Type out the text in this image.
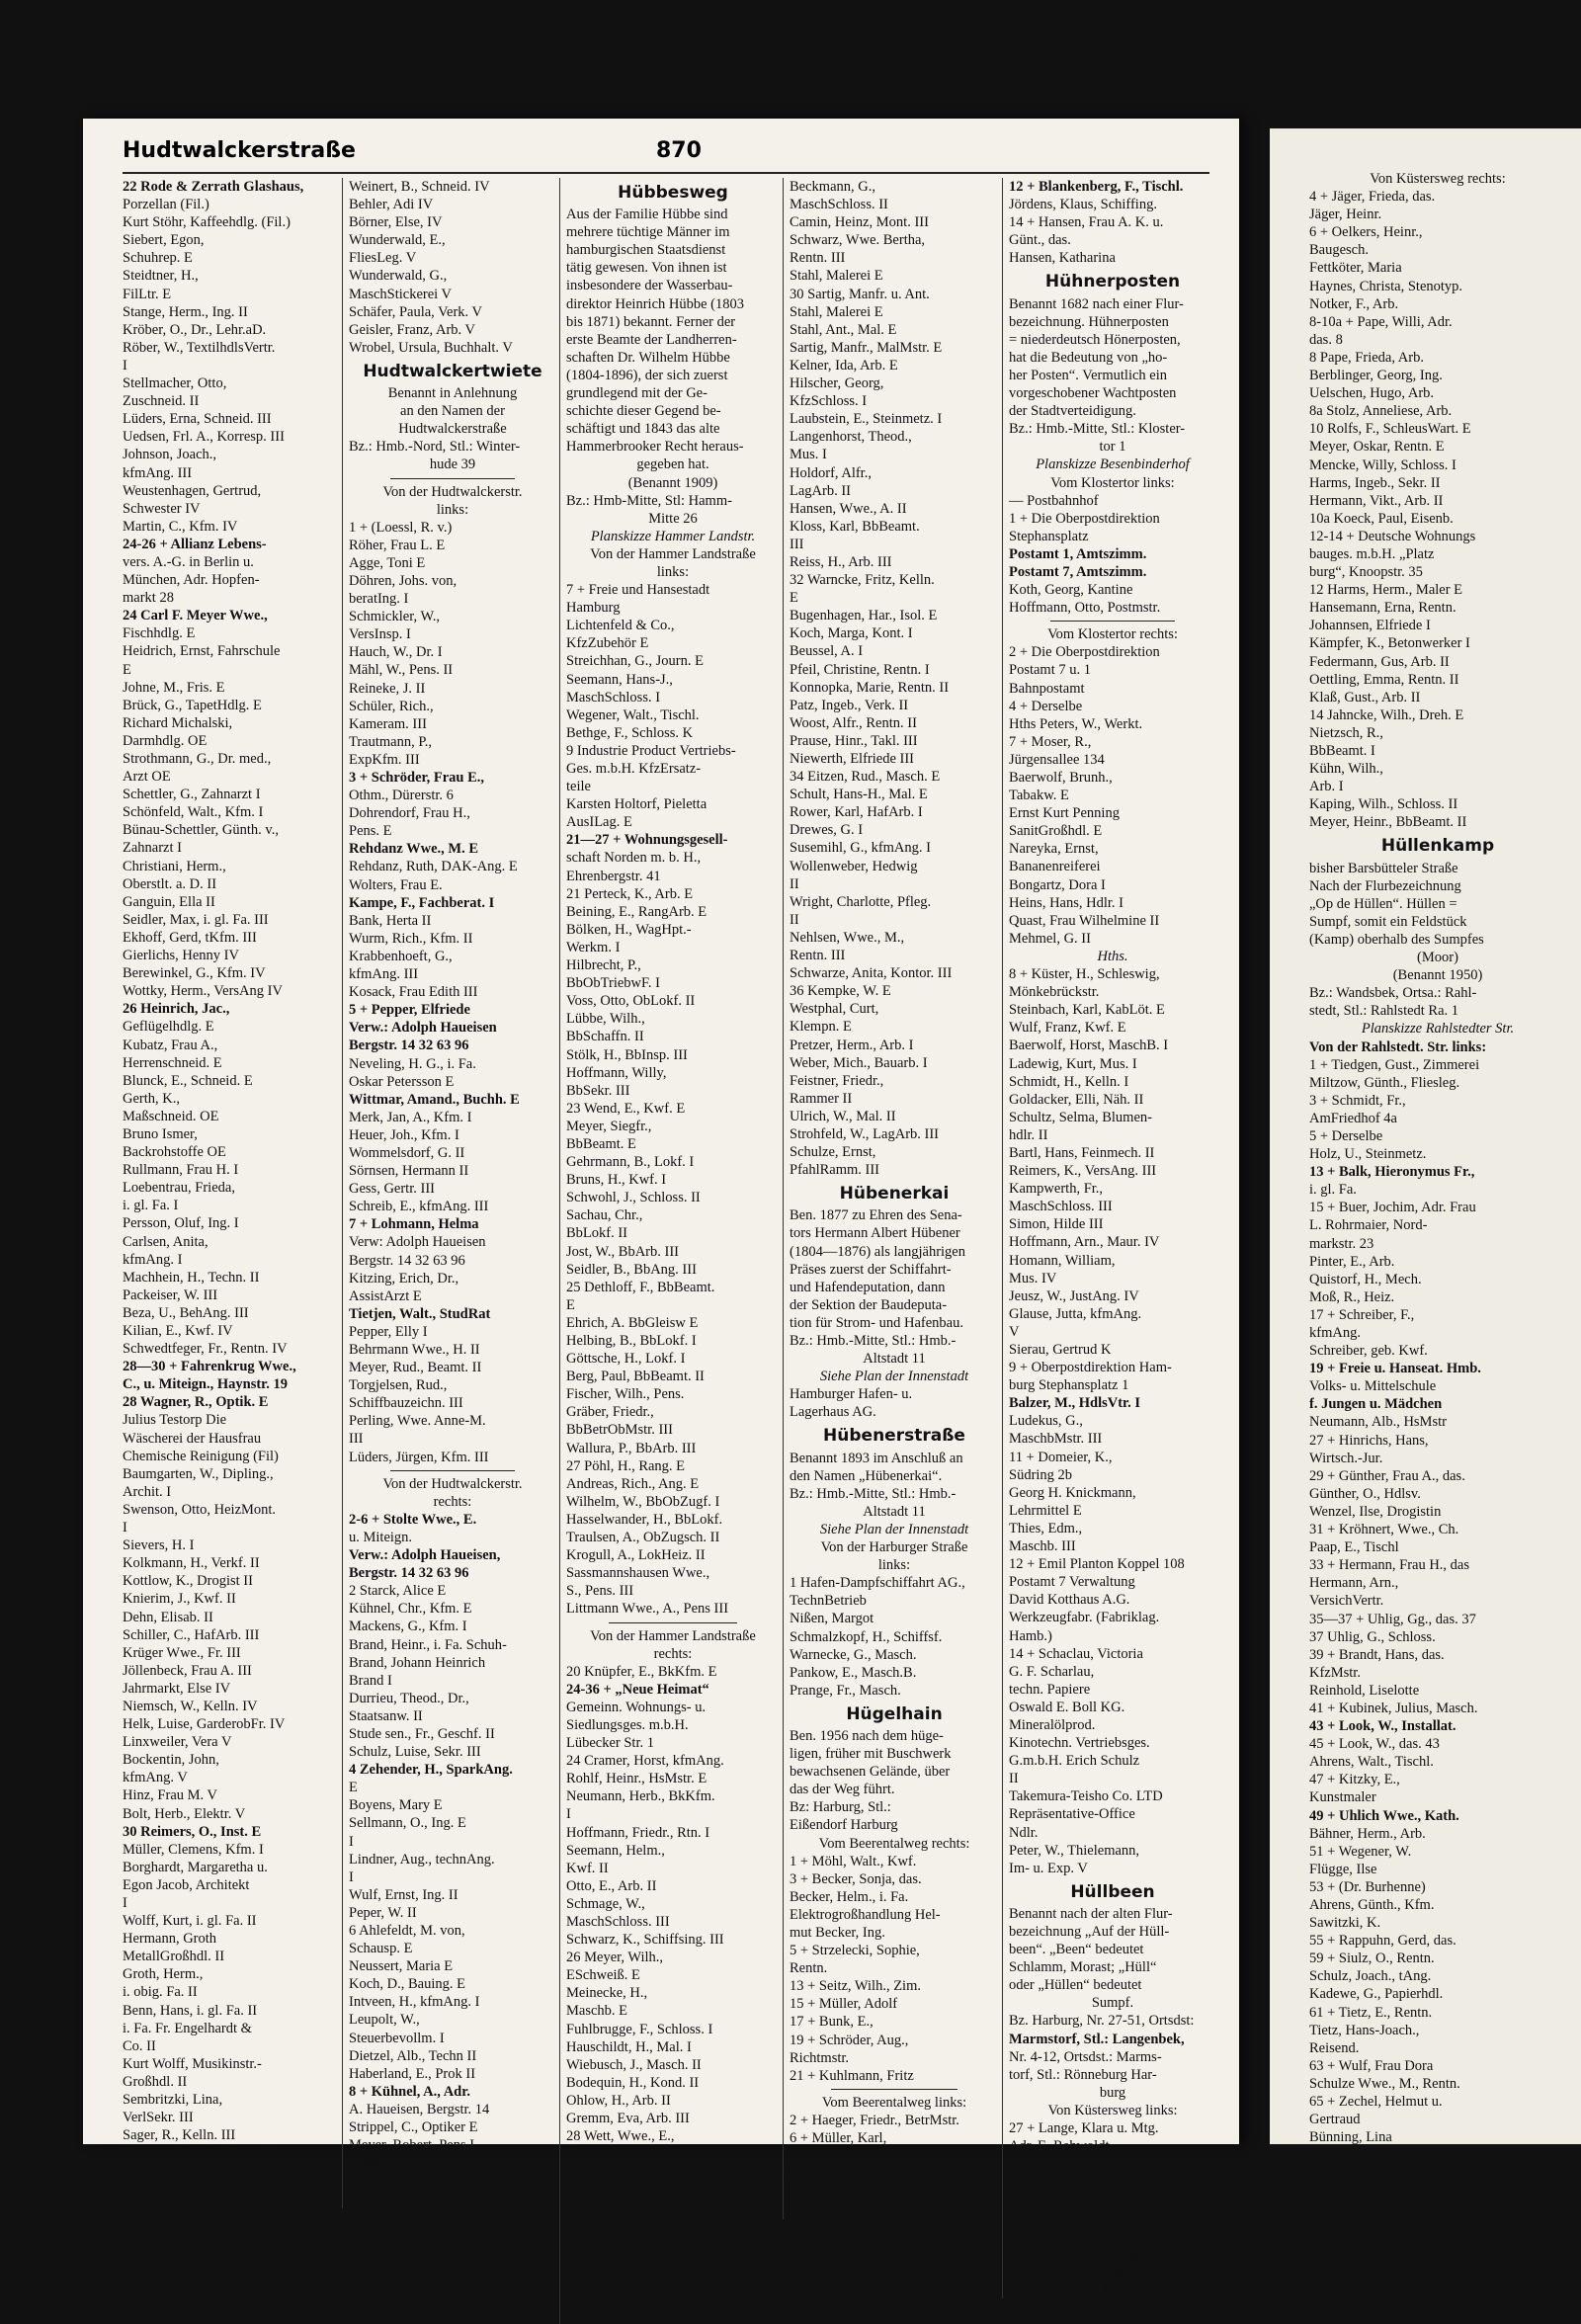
Hudtwalckerstraße	870
22 Rode & Zerrath Glashaus,
Porzellan (Fil.)
Kurt Stöhr, Kaffeehdlg. (Fil.)
Siebert, Egon,
Schuhrep. E
Steidtner, H.,
FilLtr. E
Stange, Herm., Ing. II
Kröber, O., Dr., Lehr.aD.
Röber, W., TextilhdlsVertr.
I
Stellmacher, Otto,
Zuschneid. II
Lüders, Erna, Schneid. III
Uedsen, Frl. A., Korresp. III
Johnson, Joach.,
kfmAng. III
Weustenhagen, Gertrud,
Schwester IV
Martin, C., Kfm. IV
24-26 + Allianz Lebens-
vers. A.-G. in Berlin u.
München, Adr. Hopfen-
markt 28
24 Carl F. Meyer Wwe.,
Fischhdlg. E
Heidrich, Ernst, Fahrschule
E
Johne, M., Fris. E
Brück, G., TapetHdlg. E
Richard Michalski,
Darmhdlg. OE
Strothmann, G., Dr. med.,
Arzt OE
Schettler, G., Zahnarzt I
Schönfeld, Walt., Kfm. I
Bünau-Schettler, Günth. v.,
Zahnarzt I
Christiani, Herm.,
Oberstlt. a. D. II
Ganguin, Ella II
Seidler, Max, i. gl. Fa. III
Ekhoff, Gerd, tKfm. III
Gierlichs, Henny IV
Berewinkel, G., Kfm. IV
Wottky, Herm., VersAng IV
26 Heinrich, Jac.,
Geflügelhdlg. E
Kubatz, Frau A.,
Herrenschneid. E
Blunck, E., Schneid. E
Gerth, K.,
Maßschneid. OE
Bruno Ismer,
Backrohstoffe OE
Rullmann, Frau H. I
Loebentrau, Frieda,
i. gl. Fa. I
Persson, Oluf, Ing. I
Carlsen, Anita,
kfmAng. I
Machhein, H., Techn. II
Packeiser, W. III
Beza, U., BehAng. III
Kilian, E., Kwf. IV
Schwedtfeger, Fr., Rentn. IV
28—30 + Fahrenkrug Wwe.,
C., u. Miteign., Haynstr. 19
28 Wagner, R., Optik. E
Julius Testorp Die
Wäscherei der Hausfrau
Chemische Reinigung (Fil)
Baumgarten, W., Dipling.,
Archit. I
Swenson, Otto, HeizMont.
I
Sievers, H. I
Kolkmann, H., Verkf. II
Kottlow, K., Drogist II
Knierim, J., Kwf. II
Dehn, Elisab. II
Schiller, C., HafArb. III
Krüger Wwe., Fr. III
Jöllenbeck, Frau A. III
Jahrmarkt, Else IV
Niemsch, W., Kelln. IV
Helk, Luise, GarderobFr. IV
Linxweiler, Vera V
Bockentin, John,
kfmAng. V
Hinz, Frau M. V
Bolt, Herb., Elektr. V
30 Reimers, O., Inst. E
Müller, Clemens, Kfm. I
Borghardt, Margaretha u.
Egon Jacob, Architekt
I
Wolff, Kurt, i. gl. Fa. II
Hermann, Groth
MetallGroßhdl. II
Groth, Herm.,
i. obig. Fa. II
Benn, Hans, i. gl. Fa. II
i. Fa. Fr. Engelhardt &
Co. II
Kurt Wolff, Musikinstr.-
Großhdl. II
Sembritzki, Lina,
VerlSekr. III
Sager, R., Kelln. III
Massow, Dorette, Pens. III
Stapelfeldt, Kwf. III
Prawitt, Otto, Kfm. IV
Seewald, Wilh., Ang.
IV
Weinert, B., Schneid. IV
Behler, Adi IV
Börner, Else, IV
Wunderwald, E.,
FliesLeg. V
Wunderwald, G.,
MaschStickerei V
Schäfer, Paula, Verk. V
Geisler, Franz, Arb. V
Wrobel, Ursula, Buchhalt. V
Hudtwalckertwiete
Benannt in Anlehnung
an den Namen der
Hudtwalckerstraße
Bz.: Hmb.-Nord, Stl.: Winter-
hude 39
Von der Hudtwalckerstr.
links:
1 + (Loessl, R. v.)
Röher, Frau L. E
Agge, Toni E
Döhren, Johs. von,
beratIng. I
Schmickler, W.,
VersInsp. I
Hauch, W., Dr. I
Mähl, W., Pens. II
Reineke, J. II
Schüler, Rich.,
Kameram. III
Trautmann, P.,
ExpKfm. III
3 + Schröder, Frau E.,
Othm., Dürerstr. 6
Dohrendorf, Frau H.,
Pens. E
Rehdanz Wwe., M. E
Rehdanz, Ruth, DAK-Ang. E
Wolters, Frau E.
Kampe, F., Fachberat. I
Bank, Herta II
Wurm, Rich., Kfm. II
Krabbenhoeft, G.,
kfmAng. III
Kosack, Frau Edith III
5 + Pepper, Elfriede
Verw.: Adolph Haueisen
Bergstr. 14 32 63 96
Neveling, H. G., i. Fa.
Oskar Petersson E
Wittmar, Amand., Buchh. E
Merk, Jan, A., Kfm. I
Heuer, Joh., Kfm. I
Wommelsdorf, G. II
Sörnsen, Hermann II
Gess, Gertr. III
Schreib, E., kfmAng. III
7 + Lohmann, Helma
Verw: Adolph Haueisen
Bergstr. 14 32 63 96
Kitzing, Erich, Dr.,
AssistArzt E
Tietjen, Walt., StudRat
Pepper, Elly I
Behrmann Wwe., H. II
Meyer, Rud., Beamt. II
Torgjelsen, Rud.,
Schiffbauzeichn. III
Perling, Wwe. Anne-M.
III
Lüders, Jürgen, Kfm. III
Von der Hudtwalckerstr.
rechts:
2-6 + Stolte Wwe., E.
u. Miteign.
Verw.: Adolph Haueisen,
Bergstr. 14 32 63 96
2 Starck, Alice E
Kühnel, Chr., Kfm. E
Mackens, G., Kfm. I
Brand, Heinr., i. Fa. Schuh-
Brand, Johann Heinrich
Brand I
Durrieu, Theod., Dr.,
Staatsanw. II
Stude sen., Fr., Geschf. II
Schulz, Luise, Sekr. III
4 Zehender, H., SparkAng.
E
Boyens, Mary E
Sellmann, O., Ing. E
I
Lindner, Aug., technAng.
I
Wulf, Ernst, Ing. II
Peper, W. II
6 Ahlefeldt, M. von,
Schausp. E
Neussert, Maria E
Koch, D., Bauing. E
Intveen, H., kfmAng. I
Leupolt, W.,
Steuerbevollm. I
Dietzel, Alb., Techn II
Haberland, E., Prok II
8 + Kühnel, A., Adr.
A. Haueisen, Bergstr. 14
Strippel, C., Optiker E
Meyer, Robert, Pens I
Junghänel, Anni I
Buchholz, Klaus,
Schiffsoffz. II
Hübbesweg
Aus der Familie Hübbe sind
mehrere tüchtige Männer im
hamburgischen Staatsdienst
tätig gewesen. Von ihnen ist
insbesondere der Wasserbau-
direktor Heinrich Hübbe (1803
bis 1871) bekannt. Ferner der
erste Beamte der Landherren-
schaften Dr. Wilhelm Hübbe
(1804-1896), der sich zuerst
grundlegend mit der Ge-
schichte dieser Gegend be-
schäftigt und 1843 das alte
Hammerbrooker Recht heraus-
gegeben hat.
(Benannt 1909)
Bz.: Hmb-Mitte, Stl: Hamm-
Mitte 26
Planskizze Hammer Landstr.
Von der Hammer Landstraße
links:
7 + Freie und Hansestadt
Hamburg
Lichtenfeld & Co.,
KfzZubehör E
Streichhan, G., Journ. E
Seemann, Hans-J.,
MaschSchloss. I
Wegener, Walt., Tischl.
Bethge, F., Schloss. K
9 Industrie Product Vertriebs-
Ges. m.b.H. KfzErsatz-
teile
Karsten Holtorf, Pieletta
AusILag. E
21—27 + Wohnungsgesell-
schaft Norden m. b. H.,
Ehrenbergstr. 41
21 Perteck, K., Arb. E
Beining, E., RangArb. E
Bölken, H., WagHpt.-
Werkm. I
Hilbrecht, P.,
BbObTriebwF. I
Voss, Otto, ObLokf. II
Lübbe, Wilh.,
BbSchaffn. II
Stölk, H., BbInsp. III
Hoffmann, Willy,
BbSekr. III
23 Wend, E., Kwf. E
Meyer, Siegfr.,
BbBeamt. E
Gehrmann, B., Lokf. I
Bruns, H., Kwf. I
Schwohl, J., Schloss. II
Sachau, Chr.,
BbLokf. II
Jost, W., BbArb. III
Seidler, B., BbAng. III
25 Dethloff, F., BbBeamt.
E
Ehrich, A. BbGleisw E
Helbing, B., BbLokf. I
Göttsche, H., Lokf. I
Berg, Paul, BbBeamt. II
Fischer, Wilh., Pens.
Gräber, Friedr.,
BbBetrObMstr. III
Wallura, P., BbArb. III
27 Pöhl, H., Rang. E
Andreas, Rich., Ang. E
Wilhelm, W., BbObZugf. I
Hasselwander, H., BbLokf.
Traulsen, A., ObZugsch. II
Krogull, A., LokHeiz. II
Sassmannshausen Wwe.,
S., Pens. III
Littmann Wwe., A., Pens III
Von der Hammer Landstraße
rechts:
20 Knüpfer, E., BkKfm. E
24-36 + „Neue Heimat“
Gemeinn. Wohnungs- u.
Siedlungsges. m.b.H.
Lübecker Str. 1
24 Cramer, Horst, kfmAng.
Rohlf, Heinr., HsMstr. E
Neumann, Herb., BkKfm.
I
Hoffmann, Friedr., Rtn. I
Seemann, Helm.,
Kwf. II
Otto, E., Arb. II
Schmage, W.,
MaschSchloss. III
Schwarz, K., Schiffsing. III
26 Meyer, Wilh.,
ESchweiß. E
Meinecke, H.,
Maschb. E
Fuhlbrugge, F., Schloss. I
Hauschildt, H., Mal. I
Wiebusch, J., Masch. II
Bodequin, H., Kond. II
Ohlow, H., Arb. II
Gremm, Eva, Arb. III
28 Wett, Wwe., E.,
Rentn. E
Fleischer, Carl,
Buchhalt. E
Beth, Paul, Kwf. I
Gerdes, Wilh., Tischl. I
Konopka, Therese,
BüroAng. I
Adrian, Ad., Rentn. II
Hoschützky, Joh.,
Werkzgm. II
Beckmann, G.,
MaschSchloss. II
Camin, Heinz, Mont. III
Schwarz, Wwe. Bertha,
Rentn. III
Stahl, Malerei E
30 Sartig, Manfr. u. Ant.
Stahl, Malerei E
Stahl, Ant., Mal. E
Sartig, Manfr., MalMstr. E
Kelner, Ida, Arb. E
Hilscher, Georg,
KfzSchloss. I
Laubstein, E., Steinmetz. I
Langenhorst, Theod.,
Mus. I
Holdorf, Alfr.,
LagArb. II
Hansen, Wwe., A. II
Kloss, Karl, BbBeamt.
III
Reiss, H., Arb. III
32 Warncke, Fritz, Kelln.
E
Bugenhagen, Har., Isol. E
Koch, Marga, Kont. I
Beussel, A. I
Pfeil, Christine, Rentn. I
Konnopka, Marie, Rentn. II
Patz, Ingeb., Verk. II
Woost, Alfr., Rentn. II
Prause, Hinr., Takl. III
Niewerth, Elfriede III
34 Eitzen, Rud., Masch. E
Schult, Hans-H., Mal. E
Rower, Karl, HafArb. I
Drewes, G. I
Susemihl, G., kfmAng. I
Wollenweber, Hedwig
II
Wright, Charlotte, Pfleg.
II
Nehlsen, Wwe., M.,
Rentn. III
Schwarze, Anita, Kontor. III
36 Kempke, W. E
Westphal, Curt,
Klempn. E
Pretzer, Herm., Arb. I
Weber, Mich., Bauarb. I
Feistner, Friedr.,
Rammer II
Ulrich, W., Mal. II
Strohfeld, W., LagArb. III
Schulze, Ernst,
PfahlRamm. III
Hübenerkai
Ben. 1877 zu Ehren des Sena-
tors Hermann Albert Hübener
(1804—1876) als langjährigen
Präses zuerst der Schiffahrt-
und Hafendeputation, dann
der Sektion der Baudeputa-
tion für Strom- und Hafenbau.
Bz.: Hmb.-Mitte, Stl.: Hmb.-
Altstadt 11
Siehe Plan der Innenstadt
Hamburger Hafen- u.
Lagerhaus AG.
Hübenerstraße
Benannt 1893 im Anschluß an
den Namen „Hübenerkai“.
Bz.: Hmb.-Mitte, Stl.: Hmb.-
Altstadt 11
Siehe Plan der Innenstadt
Von der Harburger Straße
links:
1 Hafen-Dampfschiffahrt AG.,
TechnBetrieb
Nißen, Margot
Schmalzkopf, H., Schiffsf.
Warnecke, G., Masch.
Pankow, E., Masch.B.
Prange, Fr., Masch.
Hügelhain
Ben. 1956 nach dem hüge-
ligen, früher mit Buschwerk
bewachsenen Gelände, über
das der Weg führt.
Bz: Harburg, Stl.:
Eißendorf Harburg
Vom Beerentalweg rechts:
1 + Möhl, Walt., Kwf.
3 + Becker, Sonja, das.
Becker, Helm., i. Fa.
Elektrogroßhandlung Hel-
mut Becker, Ing.
5 + Strzelecki, Sophie,
Rentn.
13 + Seitz, Wilh., Zim.
15 + Müller, Adolf
17 + Bunk, E.,
19 + Schröder, Aug.,
Richtmstr.
21 + Kuhlmann, Fritz
Vom Beerentalweg links:
2 + Haeger, Friedr., BetrMstr.
6 + Müller, Karl,
BbBetrWart
8 + Maliek, Gertrud, das.
Maliek, Erich, Arb.
10 + Bade, Bernh., Arb.
12 + Blankenberg, F., Tischl.
Jördens, Klaus, Schiffing.
14 + Hansen, Frau A. K. u.
Günt., das.
Hansen, Katharina
Hühnerposten
Benannt 1682 nach einer Flur-
bezeichnung. Hühnerposten
= niederdeutsch Hönerposten,
hat die Bedeutung von „ho-
her Posten“. Vermutlich ein
vorgeschobener Wachtposten
der Stadtverteidigung.
Bz.: Hmb.-Mitte, Stl.: Kloster-
tor 1
Planskizze Besenbinderhof
Vom Klostertor links:
— Postbahnhof
1 + Die Oberpostdirektion
Stephansplatz
Postamt 1, Amtszimm.
Postamt 7, Amtszimm.
Koth, Georg, Kantine
Hoffmann, Otto, Postmstr.
Vom Klostertor rechts:
2 + Die Oberpostdirektion
Postamt 7 u. 1
Bahnpostamt
4 + Derselbe
Hths Peters, W., Werkt.
7 + Moser, R.,
Jürgensallee 134
Baerwolf, Brunh.,
Tabakw. E
Ernst Kurt Penning
SanitGroßhdl. E
Nareyka, Ernst,
Bananenreiferei
Bongartz, Dora I
Heins, Hans, Hdlr. I
Quast, Frau Wilhelmine II
Mehmel, G. II
Hths.
8 + Küster, H., Schleswig,
Mönkebrückstr.
Steinbach, Karl, KabLöt. E
Wulf, Franz, Kwf. E
Baerwolf, Horst, MaschB. I
Ladewig, Kurt, Mus. I
Schmidt, H., Kelln. I
Goldacker, Elli, Näh. II
Schultz, Selma, Blumen-
hdlr. II
Bartl, Hans, Feinmech. II
Reimers, K., VersAng. III
Kampwerth, Fr.,
MaschSchloss. III
Simon, Hilde III
Hoffmann, Arn., Maur. IV
Homann, William,
Mus. IV
Jeusz, W., JustAng. IV
Glause, Jutta, kfmAng.
V
Sierau, Gertrud K
9 + Oberpostdirektion Ham-
burg Stephansplatz 1
Balzer, M., HdlsVtr. I
Ludekus, G.,
MaschbMstr. III
11 + Domeier, K.,
Südring 2b
Georg H. Knickmann,
Lehrmittel E
Thies, Edm.,
Maschb. III
12 + Emil Planton Koppel 108
Postamt 7 Verwaltung
David Kotthaus A.G.
Werkzeugfabr. (Fabriklag.
Hamb.)
14 + Schaclau, Victoria
G. F. Scharlau,
techn. Papiere
Oswald E. Boll KG.
Mineralölprod.
Kinotechn. Vertriebsges.
G.m.b.H. Erich Schulz
II
Takemura-Teisho Co. LTD
Repräsentative-Office
Ndlr.
Peter, W., Thielemann,
Im- u. Exp. V
Hüllbeen
Benannt nach der alten Flur-
bezeichnung „Auf der Hüll-
been“. „Been“ bedeutet
Schlamm, Morast; „Hüll“
oder „Hüllen“ bedeutet
Sumpf.
Bz. Harburg, Nr. 27-51, Ortsdst:
Marmstorf, Stl.: Langenbek,
Nr. 4-12, Ortsdst.: Marms-
torf, Stl.: Rönneburg Har-
burg
Von Küstersweg links:
27 + Lange, Klara u. Mtg.
Adr. E. Rehwoldt
Deichhausweg 2
Wolf, Martha, Arb.
Tiedemann, R., Gartenbau-
betrieb
Dammann, Paul, BehAng.
Dammann, W., Bauing.
Wehnsen, H., Klempn.
Paulsen, Harke, Maur.
Von Küstersweg rechts:
4 + Jäger, Frieda, das.
Jäger, Heinr.
6 + Oelkers, Heinr.,
Baugesch.
Fettköter, Maria
Haynes, Christa, Stenotyp.
Notker, F., Arb.
8-10a + Pape, Willi, Adr.
das. 8
8 Pape, Frieda, Arb.
Berblinger, Georg, Ing.
Uelschen, Hugo, Arb.
8a Stolz, Anneliese, Arb.
10 Rolfs, F., SchleusWart. E
Meyer, Oskar, Rentn. E
Mencke, Willy, Schloss. I
Harms, Ingeb., Sekr. II
Hermann, Vikt., Arb. II
10a Koeck, Paul, Eisenb.
12-14 + Deutsche Wohnungs
bauges. m.b.H. „Platz
burg“, Knoopstr. 35
12 Harms, Herm., Maler E
Hansemann, Erna, Rentn.
Johannsen, Elfriede I
Kämpfer, K., Betonwerker I
Federmann, Gus, Arb. II
Oettling, Emma, Rentn. II
Klaß, Gust., Arb. II
14 Jahncke, Wilh., Dreh. E
Nietzsch, R.,
BbBeamt. I
Kühn, Wilh.,
Arb. I
Kaping, Wilh., Schloss. II
Meyer, Heinr., BbBeamt. II
Hüllenkamp
bisher Barsbütteler Straße
Nach der Flurbezeichnung
„Op de Hüllen“. Hüllen =
Sumpf, somit ein Feldstück
(Kamp) oberhalb des Sumpfes
(Moor)
(Benannt 1950)
Bz.: Wandsbek, Ortsa.: Rahl-
stedt, Stl.: Rahlstedt Ra. 1
Planskizze Rahlstedter Str.
Von der Rahlstedt. Str. links:
1 + Tiedgen, Gust., Zimmerei
Miltzow, Günth., Fliesleg.
3 + Schmidt, Fr.,
AmFriedhof 4a
5 + Derselbe
Holz, U., Steinmetz.
13 + Balk, Hieronymus Fr.,
i. gl. Fa.
15 + Buer, Jochim, Adr. Frau
L. Rohrmaier, Nord-
markstr. 23
Pinter, E., Arb.
Quistorf, H., Mech.
Moß, R., Heiz.
17 + Schreiber, F.,
kfmAng.
Schreiber, geb. Kwf.
19 + Freie u. Hanseat. Hmb.
Volks- u. Mittelschule
f. Jungen u. Mädchen
Neumann, Alb., HsMstr
27 + Hinrichs, Hans,
Wirtsch.-Jur.
29 + Günther, Frau A., das.
Günther, O., Hdlsv.
Wenzel, Ilse, Drogistin
31 + Kröhnert, Wwe., Ch.
Paap, E., Tischl
33 + Hermann, Frau H., das
Hermann, Arn.,
VersichVertr.
35—37 + Uhlig, Gg., das. 37
37 Uhlig, G., Schloss.
39 + Brandt, Hans, das.
KfzMstr.
Reinhold, Liselotte
41 + Kubinek, Julius, Masch.
43 + Look, W., Installat.
45 + Look, W., das. 43
Ahrens, Walt., Tischl.
47 + Kitzky, E.,
Kunstmaler
49 + Uhlich Wwe., Kath.
Bähner, Herm., Arb.
51 + Wegener, W.
Flügge, Ilse
53 + (Dr. Burhenne)
Ahrens, Günth., Kfm.
Sawitzki, K.
55 + Rappuhn, Gerd, das.
59 + Siulz, O., Rentn.
Schulz, Joach., tAng.
Kadewe, G., Papierhdl.
61 + Tietz, E., Rentn.
Tietz, Hans-Joach.,
Reisend.
63 + Wulf, Frau Dora
Schulze Wwe., M., Rentn.
65 + Zechel, Helmut u.
Gertraud
Bünning, Lina
67 + Goldbaum, Fr. H.,
Glaser
Pantelmann, F., HbAng.
71 + Lemmermann, Irmg.,
Lebensm.
Lemmermann, H., Beamt
Bahse, K., Schneider
Bahse Wwe., Auguste
Knoll, Elsa, Pens.
